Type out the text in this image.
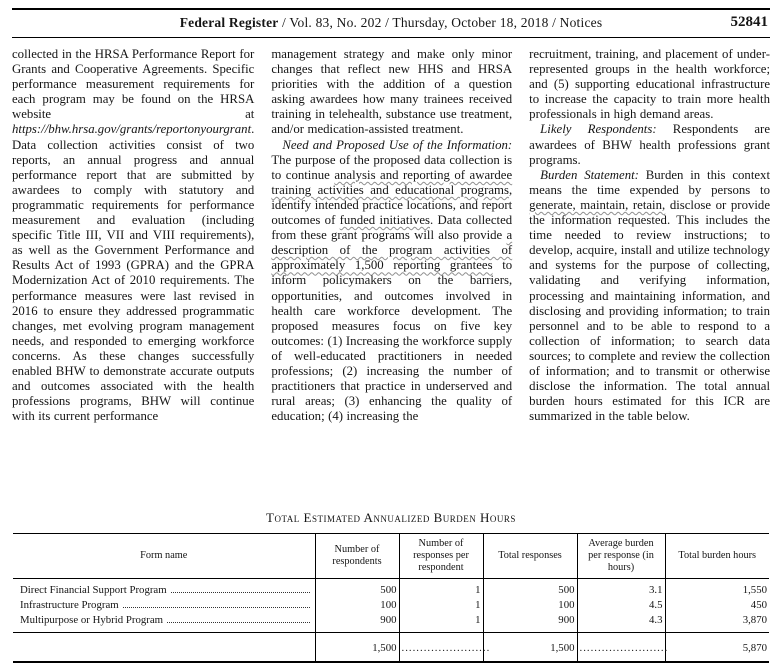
Federal Register / Vol. 83, No. 202 / Thursday, October 18, 2018 / Notices	52841

collected in the HRSA Performance Report for Grants and Cooperative Agreements. Specific performance measurement requirements for each program may be found on the HRSA website at https://bhw.hrsa.gov/grants/reportonyourgrant. Data collection activities consist of two reports, an annual progress and annual performance report that are submitted by awardees to comply with statutory and programmatic requirements for performance measurement and evaluation (including specific Title III, VII and VIII requirements), as well as the Government Performance and Results Act of 1993 (GPRA) and the GPRA Modernization Act of 2010 requirements. The performance measures were last revised in 2016 to ensure they addressed programmatic changes, met evolving program management needs, and responded to emerging workforce concerns. As these changes successfully enabled BHW to demonstrate accurate outputs and outcomes associated with the health professions programs, BHW will continue with its current performance

management strategy and make only minor changes that reflect new HHS and HRSA priorities with the addition of a question asking awardees how many trainees received training in telehealth, substance use treatment, and/or medication-assisted treatment.

Need and Proposed Use of the Information: The purpose of the proposed data collection is to continue analysis and reporting of awardee training activities and educational programs, identify intended practice locations, and report outcomes of funded initiatives. Data collected from these grant programs will also provide a description of the program activities of approximately 1,500 reporting grantees to inform policymakers on the barriers, opportunities, and outcomes involved in health care workforce development. The proposed measures focus on five key outcomes: (1) Increasing the workforce supply of well-educated practitioners in needed professions; (2) increasing the number of practitioners that practice in underserved and rural areas; (3) enhancing the quality of education; (4) increasing the

recruitment, training, and placement of under-represented groups in the health workforce; and (5) supporting educational infrastructure to increase the capacity to train more health professionals in high demand areas.

Likely Respondents: Respondents are awardees of BHW health professions grant programs.

Burden Statement: Burden in this context means the time expended by persons to generate, maintain, retain, disclose or provide the information requested. This includes the time needed to review instructions; to develop, acquire, install and utilize technology and systems for the purpose of collecting, validating and verifying information, processing and maintaining information, and disclosing and providing information; to train personnel and to be able to respond to a collection of information; to search data sources; to complete and review the collection of information; and to transmit or otherwise disclose the information. The total annual burden hours estimated for this ICR are summarized in the table below.

Total Estimated Annualized Burden Hours
Form name	Number of respondents	Number of responses per respondent	Total responses	Average burden per response (in hours)	Total burden hours

Direct Financial Support Program	500	1	500	3.1	1,550

Infrastructure Program	100	1	100	4.5	450

Multipurpose or Hybrid Program	900	1	900	4.3	3,870
	1,500	........................	1,500	........................	5,870
